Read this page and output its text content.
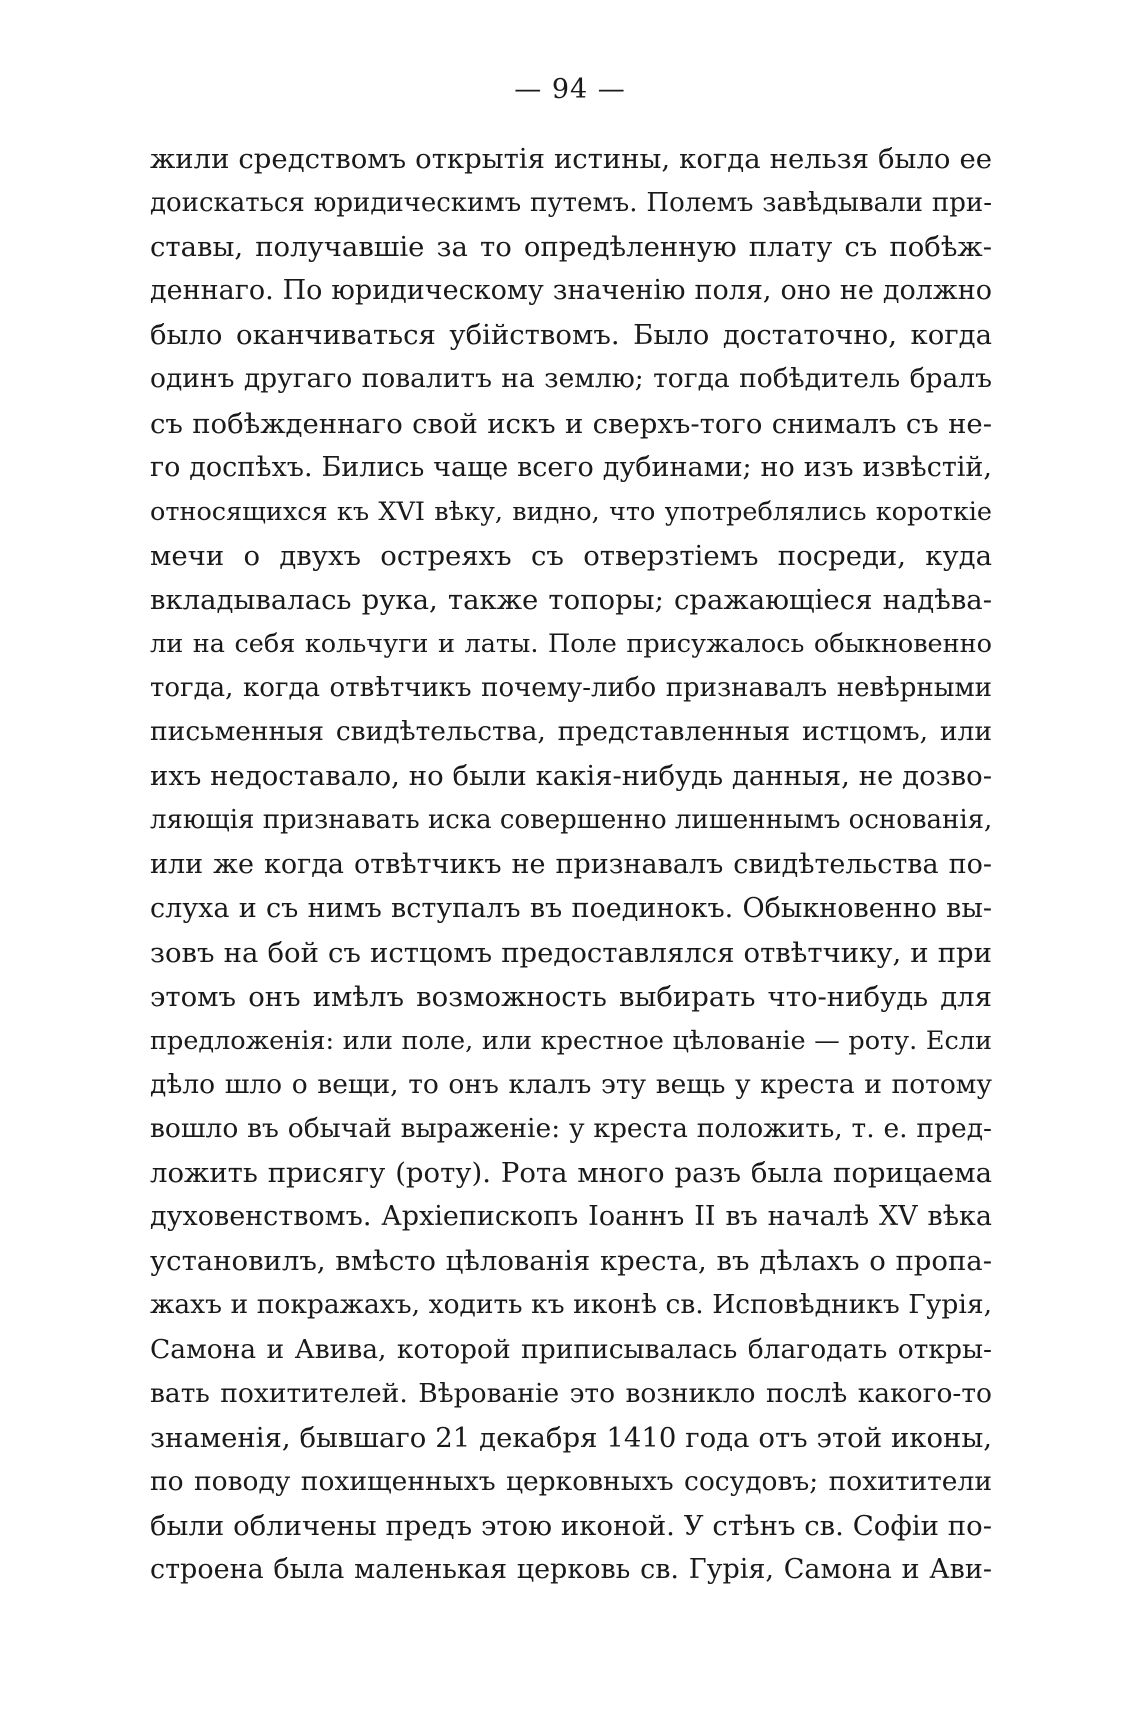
— 94 —
жили средствомъ открытія истины, когда нельзя было ее
доискаться юридическимъ путемъ. Полемъ завѣдывали при-
ставы, получавшіе за то опредѣленную плату съ побѣж-
деннаго. По юридическому значенію поля, оно не должно
было оканчиваться убійствомъ. Было достаточно, когда
одинъ другаго повалитъ на землю; тогда побѣдитель бралъ
съ побѣжденнаго свой искъ и сверхъ-того снималъ съ не-
го доспѣхъ. Бились чаще всего дубинами; но изъ извѣстій,
относящихся къ XVI вѣку, видно, что употреблялись короткіе
мечи о двухъ остреяхъ съ отверзтіемъ посреди, куда
вкладывалась рука, также топоры; сражающіеся надѣва-
ли на себя кольчуги и латы. Поле присужалось обыкновенно
тогда, когда отвѣтчикъ почему-либо признавалъ невѣрными
письменныя свидѣтельства, представленныя истцомъ, или
ихъ недоставало, но были какія-нибудь данныя, не дозво-
ляющія признавать иска совершенно лишеннымъ основанія,
или же когда отвѣтчикъ не признавалъ свидѣтельства по-
слуха и съ нимъ вступалъ въ поединокъ. Обыкновенно вы-
зовъ на бой съ истцомъ предоставлялся отвѣтчику, и при
этомъ онъ имѣлъ возможность выбирать что-нибудь для
предложенія: или поле, или крестное цѣлованіе — роту. Если
дѣло шло о вещи, то онъ клалъ эту вещь у креста и потому
вошло въ обычай выраженіе: у креста положить, т. е. пред-
ложить присягу (роту). Рота много разъ была порицаема
духовенствомъ. Архіепископъ Іоаннъ II въ началѣ XV вѣка
установилъ, вмѣсто цѣлованія креста, въ дѣлахъ о пропа-
жахъ и покражахъ, ходить къ иконѣ св. Исповѣдникъ Гурія,
Самона и Авива, которой приписывалась благодать откры-
вать похитителей. Вѣрованіе это возникло послѣ какого-то
знаменія, бывшаго 21 декабря 1410 года отъ этой иконы,
по поводу похищенныхъ церковныхъ сосудовъ; похитители
были обличены предъ этою иконой. У стѣнъ св. Софіи по-
строена была маленькая церковь св. Гурія, Самона и Ави-
